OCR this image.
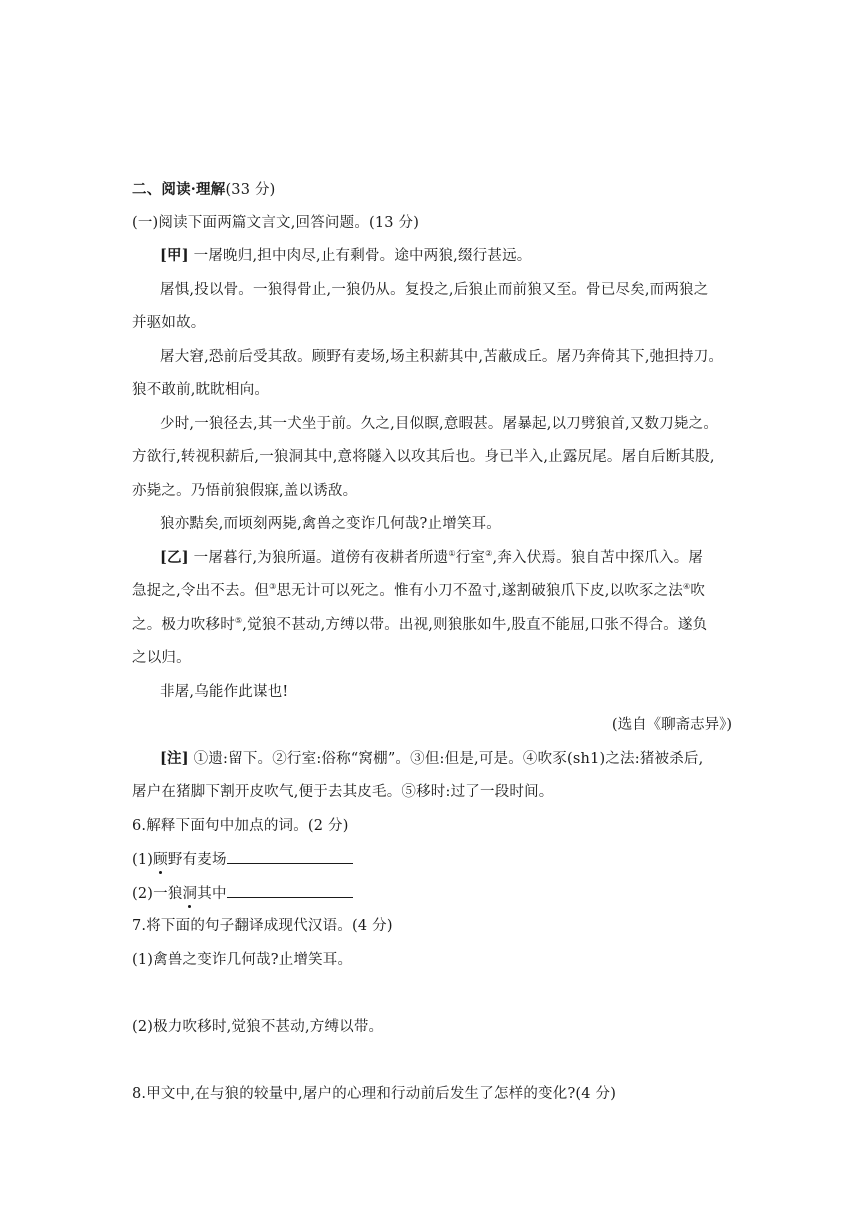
二、阅读·理解(33 分)
(一)阅读下面两篇文言文,回答问题。(13 分)
[甲] 一屠晚归,担中肉尽,止有剩骨。途中两狼,缀行甚远。
屠惧,投以骨。一狼得骨止,一狼仍从。复投之,后狼止而前狼又至。骨已尽矣,而两狼之
并驱如故。
屠大窘,恐前后受其敌。顾野有麦场,场主积薪其中,苫蔽成丘。屠乃奔倚其下,弛担持刀。
狼不敢前,眈眈相向。
少时,一狼径去,其一犬坐于前。久之,目似瞑,意暇甚。屠暴起,以刀劈狼首,又数刀毙之。
方欲行,转视积薪后,一狼洞其中,意将隧入以攻其后也。身已半入,止露尻尾。屠自后断其股,
亦毙之。乃悟前狼假寐,盖以诱敌。
狼亦黠矣,而顷刻两毙,禽兽之变诈几何哉?止增笑耳。
[乙] 一屠暮行,为狼所逼。道傍有夜耕者所遗①行室②,奔入伏焉。狼自苫中探爪入。屠
急捉之,令出不去。但③思无计可以死之。惟有小刀不盈寸,遂割破狼爪下皮,以吹豕之法④吹
之。极力吹移时⑤,觉狼不甚动,方缚以带。出视,则狼胀如牛,股直不能屈,口张不得合。遂负
之以归。
非屠,乌能作此谋也!
(选自《聊斋志异》)
[注] ①遗:留下。②行室:俗称“窝棚”。③但:但是,可是。④吹豕(sh1)之法:猪被杀后,
屠户在猪脚下割开皮吹气,便于去其皮毛。⑤移时:过了一段时间。
6.解释下面句中加点的词。(2 分)
(1)顾野有麦场
(2)一狼洞其中
7.将下面的句子翻译成现代汉语。(4 分)
(1)禽兽之变诈几何哉?止增笑耳。
(2)极力吹移时,觉狼不甚动,方缚以带。
8.甲文中,在与狼的较量中,屠户的心理和行动前后发生了怎样的变化?(4 分)
